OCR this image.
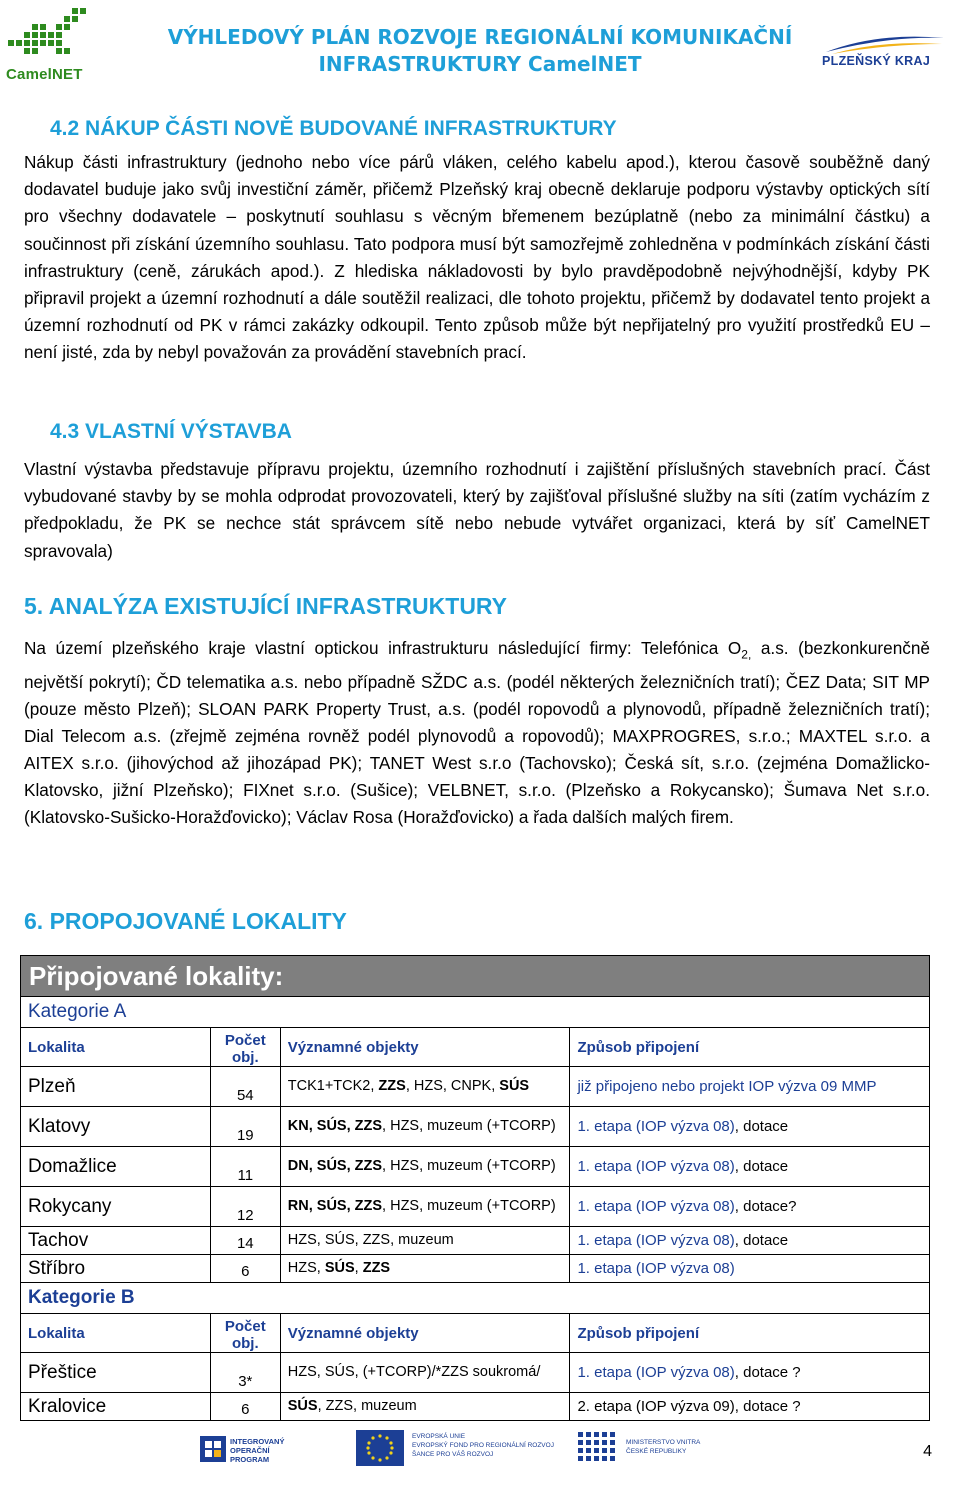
CamelNET
VÝHLEDOVÝ PLÁN ROZVOJE REGIONÁLNÍ KOMUNIKAČNÍ
INFRASTRUKTURY CamelNET	PLZEŇSKÝ KRAJ
4.2 NÁKUP ČÁSTI NOVĚ BUDOVANÉ INFRASTRUKTURY

Nákup části infrastruktury (jednoho nebo více párů vláken, celého kabelu apod.), kterou časově souběžně daný dodavatel buduje jako svůj investiční záměr, přičemž Plzeňský kraj obecně deklaruje podporu výstavby optických sítí pro všechny dodavatele – poskytnutí souhlasu s věcným břemenem bezúplatně (nebo za minimální částku) a součinnost při získání územního souhlasu. Tato podpora musí být samozřejmě zohledněna v podmínkách získání části infrastruktury (ceně, zárukách apod.). Z hlediska nákladovosti by bylo pravděpodobně nejvýhodnější, kdyby PK připravil projekt a územní rozhodnutí a dále soutěžil realizaci, dle tohoto projektu, přičemž by dodavatel tento projekt a územní rozhodnutí od PK v rámci zakázky odkoupil. Tento způsob může být nepřijatelný pro využití prostředků EU – není jisté, zda by nebyl považován za provádění stavebních prací.

4.3 VLASTNÍ VÝSTAVBA

Vlastní výstavba představuje přípravu projektu, územního rozhodnutí i zajištění příslušných stavebních prací. Část vybudované stavby by se mohla odprodat provozovateli, který by zajišťoval příslušné služby na síti (zatím vycházím z předpokladu, že PK se nechce stát správcem sítě nebo nebude vytvářet organizaci, která by síť CamelNET spravovala)

5. ANALÝZA EXISTUJÍCÍ INFRASTRUKTURY

Na území plzeňského kraje vlastní optickou infrastrukturu následující firmy: Telefónica $O_{2,}$ a.s. (bezkonkurenčně největší pokrytí); ČD telematika a.s. nebo případně SŽDC a.s. (podél některých železničních tratí); ČEZ Data; SIT MP (pouze město Plzeň); SLOAN PARK Property Trust, a.s. (podél ropovodů a plynovodů, případně železničních tratí); Dial Telecom a.s. (zřejmě zejména rovněž podél plynovodů a ropovodů); MAXPROGRES, s.r.o.; MAXTEL s.r.o. a AITEX s.r.o. (jihovýchod až jihozápad PK); TANET West s.r.o (Tachovsko); Česká sít, s.r.o. (zejména Domažlicko-Klatovsko, jižní Plzeňsko); FIXnet s.r.o. (Sušice); VELBNET, s.r.o. (Plzeňsko a Rokycansko); Šumava Net s.r.o. (Klatovsko-Sušicko-Horažďovicko); Václav Rosa (Horažďovicko) a řada dalších malých firem.

6. PROPOJOVANÉ LOKALITY
Připojované lokality:			
Kategorie A			
Lokalita	Počet obj.	Významné objekty	Způsob připojení
Plzeň	54	TCK1+TCK2, ZZS, HZS, CNPK, SÚS	již připojeno nebo projekt IOP výzva 09 MMP
Klatovy	19	KN, SÚS, ZZS, HZS, muzeum (+TCORP)	1. etapa (IOP výzva 08), dotace
Domažlice	11	DN, SÚS, ZZS, HZS, muzeum (+TCORP)	1. etapa (IOP výzva 08), dotace
Rokycany	12	RN, SÚS, ZZS, HZS, muzeum (+TCORP)	1. etapa (IOP výzva 08), dotace?
Tachov	14	HZS, SÚS, ZZS, muzeum	1. etapa (IOP výzva 08), dotace
Stříbro	6	HZS, SÚS, ZZS	1. etapa (IOP výzva 08)
Kategorie B			
Lokalita	Počet obj.	Významné objekty	Způsob připojení
Přeštice	3*	HZS, SÚS, (+TCORP)/*ZZS soukromá/	1. etapa (IOP výzva 08), dotace ?
Kralovice	6	SÚS, ZZS, muzeum	2. etapa (IOP výzva 09), dotace ?
INTEGROVANÝ
OPERAČNÍ
PROGRAM
EVROPSKÁ UNIE
EVROPSKÝ FOND PRO REGIONÁLNÍ ROZVOJ
ŠANCE PRO VÁŠ ROZVOJ
MINISTERSTVO VNITRA
ČESKÉ REPUBLIKY	4
